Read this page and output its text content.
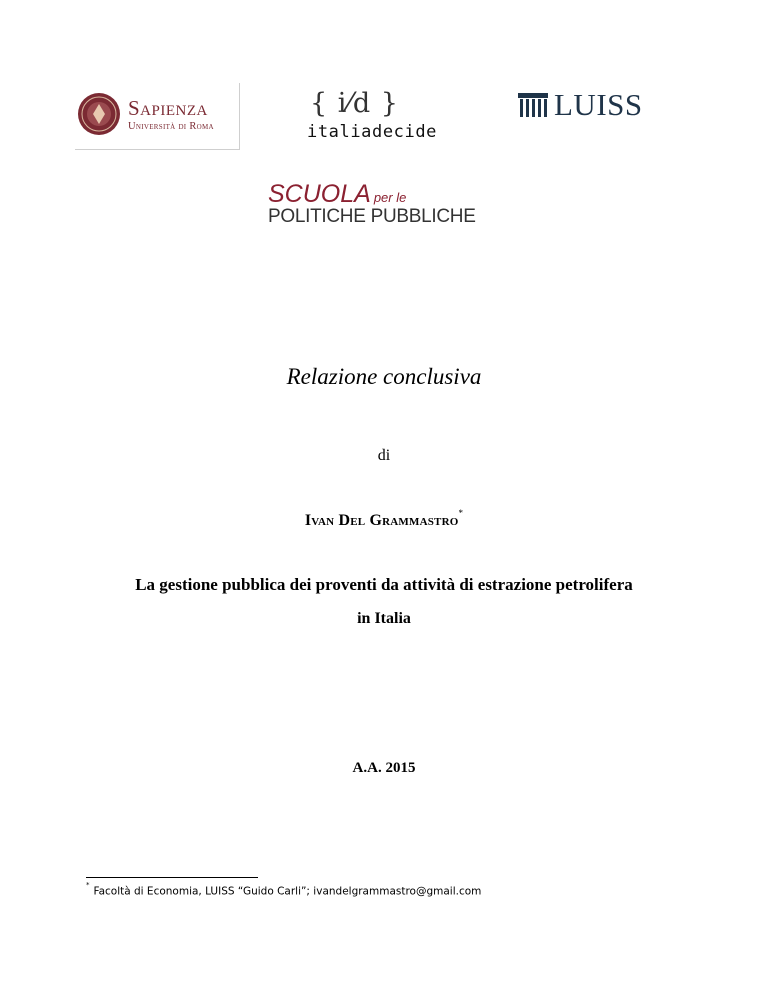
Sapienza
Università di Roma
{ i⁄d }
italiadecide
LUISS
SCUOLA per le
POLITICHE PUBBLICHE
Relazione conclusiva
di
Ivan Del Grammastro*
La gestione pubblica dei proventi da attività di estrazione petrolifera
in Italia
A.A. 2015
*Facoltà di Economia, LUISS “Guido Carli”; ivandelgrammastro@gmail.com
